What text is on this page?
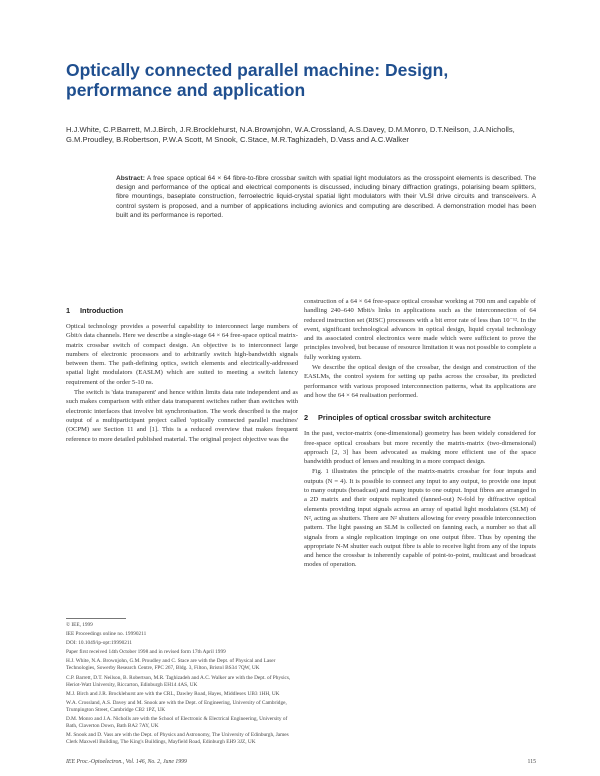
Optically connected parallel machine: Design, performance and application
H.J.White, C.P.Barrett, M.J.Birch, J.R.Brocklehurst, N.A.Brownjohn, W.A.Crossland, A.S.Davey, D.M.Monro, D.T.Neilson, J.A.Nicholls, G.M.Proudley, B.Robertson, P.W.A Scott, M Snook, C.Stace, M.R.Taghizadeh, D.Vass and A.C.Walker
Abstract: A free space optical 64 × 64 fibre-to-fibre crossbar switch with spatial light modulators as the crosspoint elements is described. The design and performance of the optical and electrical components is discussed, including binary diffraction gratings, polarising beam splitters, fibre mountings, baseplate construction, ferroelectric liquid-crystal spatial light modulators with their VLSI drive circuits and transceivers. A control system is proposed, and a number of applications including avionics and computing are described. A demonstration model has been built and its performance is reported.
1 Introduction

Optical technology provides a powerful capability to interconnect large numbers of Gbit/s data channels. Here we describe a single-stage 64 × 64 free-space optical matrix-matrix crossbar switch of compact design. An objective is to interconnect large numbers of electronic processors and to arbitrarily switch high-bandwidth signals between them. The path-defining optics, switch elements and electrically-addressed spatial light modulators (EASLM) which are suited to meeting a switch latency requirement of the order 5-10 ns.

The switch is 'data transparent' and hence within limits data rate independent and as such makes comparison with either data transparent switches rather than switches with electronic interfaces that involve bit synchronisation. The work described is the major output of a multiparticipant project called 'optically connected parallel machines' (OCPM) see Section 11 and [1]. This is a reduced overview that makes frequent reference to more detailed published material. The original project objective was the

© IEE, 1999
IEE Proceedings online no. 19990211
DOI: 10.1049/ip-opt:19990211
Paper first received 14th October 1998 and in revised form 17th April 1999
H.J. White, N.A. Brownjohn, G.M. Proudley and C. Stace are with the Dept. of Physical and Laser Technologies, Sowerby Research Centre, FPC 267, Bldg. 3, Filton, Bristol BS34 7QW, UK
C.P. Barrett, D.T. Neilson, B. Robertson, M.R. Taghizadeh and A.C. Walker are with the Dept. of Physics, Heriot-Watt University, Riccarton, Edinburgh EH14 4AS, UK
M.J. Birch and J.R. Brocklehurst are with the CRL, Dawley Road, Hayes, Middlesex UB3 1HH, UK
W.A. Crossland, A.S. Davey and M. Snook are with the Dept. of Engineering, University of Cambridge, Trumpington Street, Cambridge CB2 1PZ, UK
D.M. Monro and J.A. Nicholls are with the School of Electronic & Electrical Engineering, University of Bath, Claverton Down, Bath BA2 7AY, UK
M. Snook and D. Vass are with the Dept. of Physics and Astronomy, The University of Edinburgh, James Clerk Maxwell Building, The King's Buildings, Mayfield Road, Edinburgh EH9 3JZ, UK

construction of a 64 × 64 free-space optical crossbar working at 700 nm and capable of handling 240–640 Mbit/s links in applications such as the interconnection of 64 reduced instruction set (RISC) processors with a bit error rate of less than 10⁻¹². In the event, significant technological advances in optical design, liquid crystal technology and its associated control electronics were made which were sufficient to prove the principles involved, but because of resource limitation it was not possible to complete a fully working system.

We describe the optical design of the crossbar, the design and construction of the EASLMs, the control system for setting up paths across the crossbar, its predicted performance with various proposed interconnection patterns, what its applications are and how the 64 × 64 realisation performed.

2 Principles of optical crossbar switch architecture

In the past, vector-matrix (one-dimensional) geometry has been widely considered for free-space optical crossbars but more recently the matrix-matrix (two-dimensional) approach [2, 3] has been advocated as making more efficient use of the space bandwidth product of lenses and resulting in a more compact design.

Fig. 1 illustrates the principle of the matrix-matrix crossbar for four inputs and outputs (N = 4). It is possible to connect any input to any output, to provide one input to many outputs (broadcast) and many inputs to one output. Input fibres are arranged in a 2D matrix and their outputs replicated (fanned-out) N-fold by diffractive optical elements providing input signals across an array of spatial light modulators (SLM) of N², acting as shutters. There are N² shutters allowing for every possible interconnection pattern. The light passing an SLM is collected on fanning each, a number so that all signals from a single replication impinge on one output fibre. Thus by opening the appropriate N-M shutter each output fibre is able to receive light from any of the inputs and hence the crossbar is inherently capable of point-to-point, multicast and broadcast modes of operation.

IEE Proc.-Optoelectron., Vol. 146, No. 2, June 1999	115
